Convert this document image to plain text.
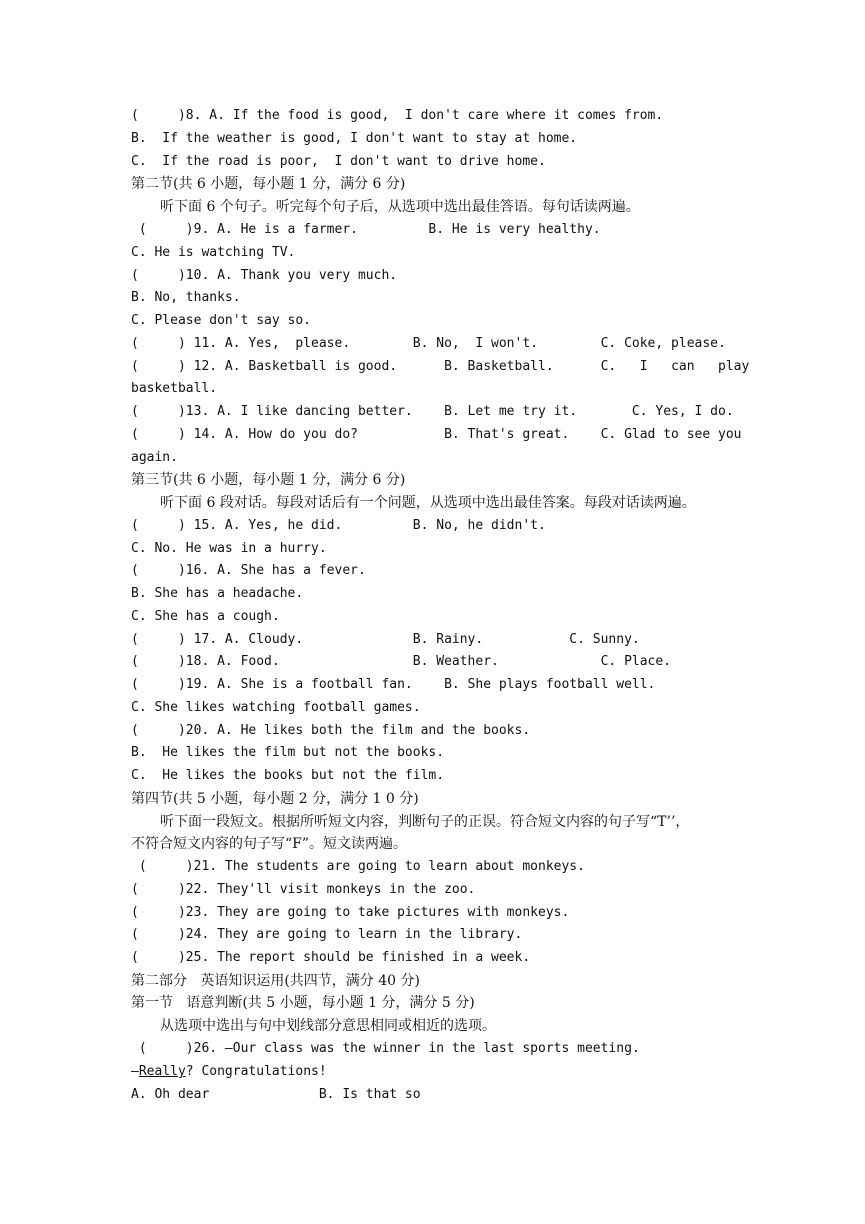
(     )8. A. If the food is good,  I don't care where it comes from.
B.  If the weather is good, I don't want to stay at home.
C.  If the road is poor,  I don't want to drive home.
第二节(共 6 小题，每小题 1 分，满分 6 分)
听下面 6 个句子。听完每个句子后，从选项中选出最佳答语。每句话读两遍。
(     )9. A. He is a farmer.         B. He is very healthy.
C. He is watching TV.
(     )10. A. Thank you very much.
B. No, thanks.
C. Please don't say so.
(     ) 11. A. Yes,  please.        B. No,  I won't.        C. Coke, please.
(     ) 12. A. Basketball is good.      B. Basketball.      C.   I   can   play
basketball.
(     )13. A. I like dancing better.    B. Let me try it.       C. Yes, I do.
(     ) 14. A. How do you do?           B. That's great.    C. Glad to see you
again.
第三节(共 6 小题，每小题 1 分，满分 6 分)
听下面 6 段对话。每段对话后有一个问题，从选项中选出最佳答案。每段对话读两遍。
(     ) 15. A. Yes, he did.         B. No, he didn't.
C. No. He was in a hurry.
(     )16. A. She has a fever.
B. She has a headache.
C. She has a cough.
(     ) 17. A. Cloudy.              B. Rainy.           C. Sunny.
(     )18. A. Food.                 B. Weather.             C. Place.
(     )19. A. She is a football fan.    B. She plays football well.
C. She likes watching football games.
(     )20. A. He likes both the film and the books.
B.  He likes the film but not the books.
C.  He likes the books but not the film.
第四节(共 5 小题，每小题 2 分，满分 1 0 分)
听下面一段短文。根据所听短文内容，判断句子的正误。符合短文内容的句子写“T’’，
不符合短文内容的句子写“F”。短文读两遍。
(     )21. The students are going to learn about monkeys.
(     )22. They'll visit monkeys in the zoo.
(     )23. They are going to take pictures with monkeys.
(     )24. They are going to learn in the library.
(     )25. The report should be finished in a week.
第二部分   英语知识运用(共四节，满分 40 分)
第一节   语意判断(共 5 小题，每小题 1 分，满分 5 分)
从选项中选出与句中划线部分意思相同或相近的选项。
(     )26. —Our class was the winner in the last sports meeting.
—Really? Congratulations!
A. Oh dear              B. Is that so
